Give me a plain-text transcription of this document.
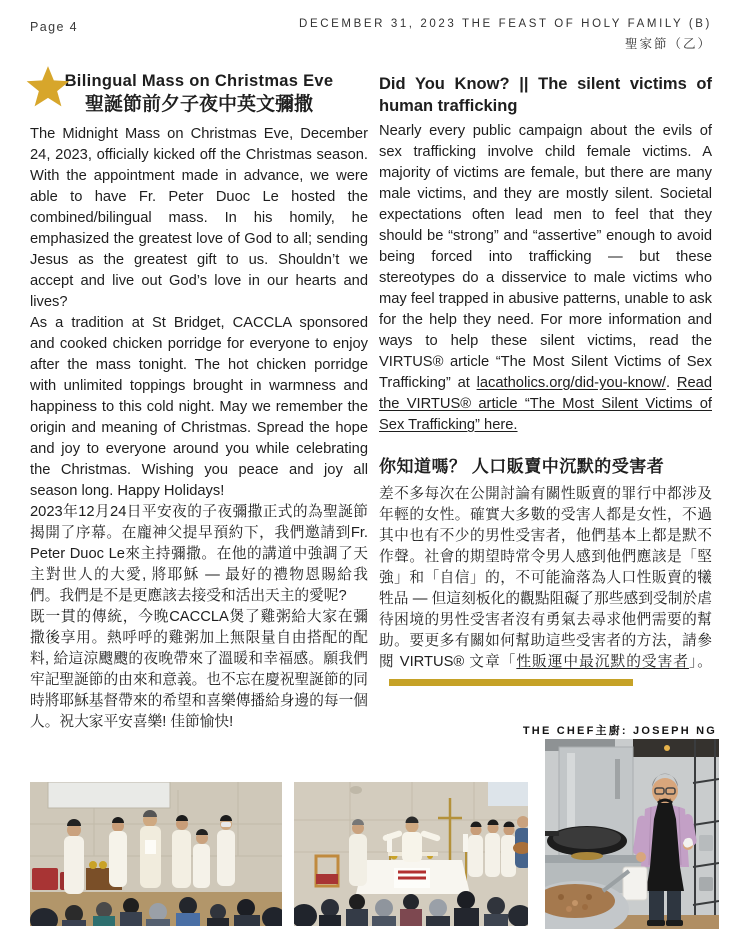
Page 4	DECEMBER 31, 2023 THE FEAST OF HOLY FAMILY (B)
聖家節（乙）
Bilingual Mass on Christmas Eve
聖誕節前夕子夜中英文彌撒

The Midnight Mass on Christmas Eve, December 24, 2023, officially kicked off the Christmas season. With the appointment made in advance, we were able to have Fr. Peter Duoc Le hosted the combined/bilingual mass. In his homily, he emphasized the greatest love of God to all; sending Jesus as the greatest gift to us. Shouldn’t we accept and live out God’s love in our hearts and lives?

As a tradition at St Bridget, CACCLA sponsored and cooked chicken porridge for everyone to enjoy after the mass tonight. The hot chicken porridge with unlimited toppings brought in warmness and happiness to this cold night. May we remember the origin and meaning of Christmas. Spread the hope and joy to everyone around you while celebrating the Christmas. Wishing you peace and joy all season long. Happy Holidays!

2023年12月24日平安夜的子夜彌撒正式的為聖誕節揭開了序幕。在龐神父提早預約下，我們邀請到Fr. Peter Duoc Le來主持彌撒。在他的講道中強調了天主對世人的大愛, 將耶穌 — 最好的禮物恩賜給我們。我們是不是更應該去接受和活出天主的愛呢?

既一貫的傳統，今晚CACCLA煲了雞粥給大家在彌撒後享用。熱呼呼的雞粥加上無限量自由搭配的配料, 給這涼颼颼的夜晚帶來了溫暖和幸福感。願我們牢記聖誕節的由來和意義。也不忘在慶祝聖誕節的同時將耶穌基督帶來的希望和喜樂傳播給身邊的每一個人。祝大家平安喜樂! 佳節愉快!

Did You Know? || The silent victims of human trafficking

Nearly every public campaign about the evils of sex trafficking involve child female victims. A majority of victims are female, but there are many male victims, and they are mostly silent. Societal expectations often lead men to feel that they should be “strong” and “assertive” enough to avoid being forced into trafficking — but these stereotypes do a disservice to male victims who may feel trapped in abusive patterns, unable to ask for the help they need. For more information and ways to help these silent victims, read the VIRTUS® article “The Most Silent Victims of Sex Trafficking” at lacatholics.org/did-you-know/. Read the VIRTUS® article “The Most Silent Victims of Sex Trafficking” here.

你知道嗎？ 人口販賣中沉默的受害者

差不多每次在公開討論有關性販賣的罪行中都涉及年輕的女性。確實大多數的受害人都是女性，不過其中也有不少的男性受害者，他們基本上都是默不作聲。社會的期望時常令男人感到他們應該是「堅強」和「自信」的，不可能淪落為人口性販賣的犧牲品 — 但這刻板化的觀點阻礙了那些感到受制於虐待困境的男性受害者沒有勇氣去尋求他們需要的幫助。要更多有關如何幫助這些受害者的方法，請參閱 VIRTUS® 文章「性販運中最沉默的受害者」。

THE CHEF主廚: JOSEPH NG
